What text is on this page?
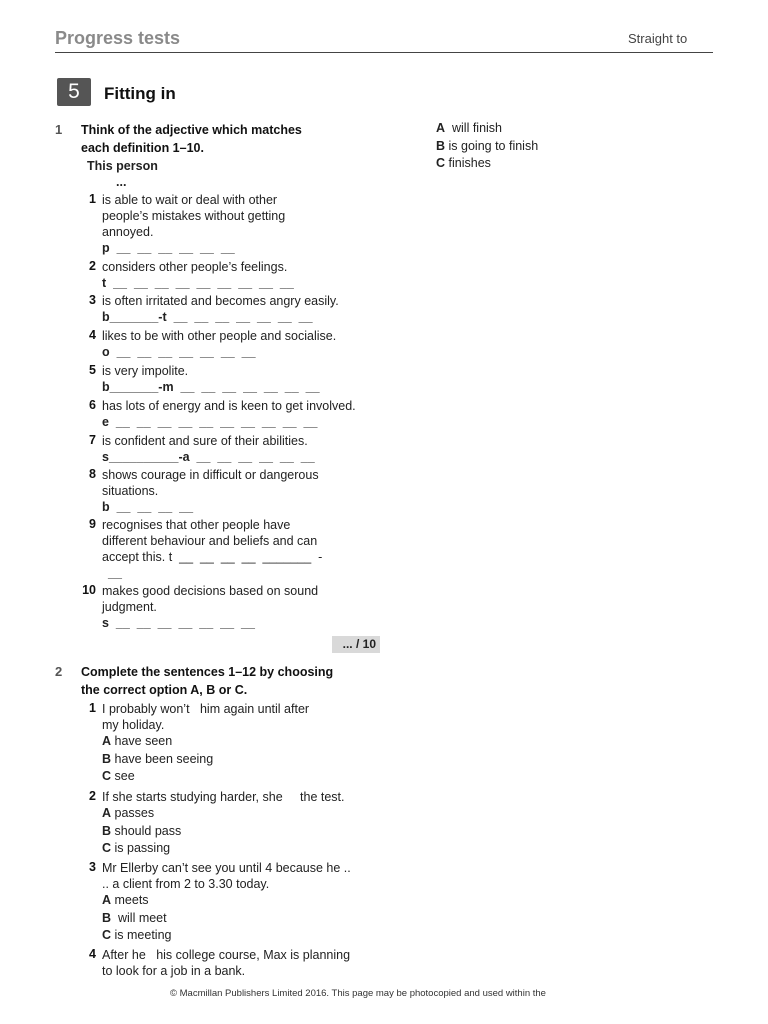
Progress tests	Straight to
5	Fitting in
1 Think of the adjective which matches
each definition 1–10.
This person
...
1 is able to wait or deal with other
people’s mistakes without getting
annoyed.
p  __  __  __  __  __  __
2 considers other people’s feelings.
t  __  __  __  __  __  __  __  __  __
3 is often irritated and becomes angry easily.
b_______-t  __  __  __  __  __  __  __
4 likes to be with other people and socialise.
o  __  __  __  __  __  __  __
5 is very impolite.
b_______-m  __  __  __  __  __  __  __
6 has lots of energy and is keen to get involved.
e  __  __  __  __  __  __  __  __  __  __
7 is confident and sure of their abilities.
s__________-a  __  __  __  __  __  __
8 shows courage in difficult or dangerous
situations.
b  __  __  __  __
9 recognises that other people have
different behaviour and beliefs and can
accept this. t  __  __  __  __  _______  -
__
10 makes good decisions based on sound
judgment.
s  __  __  __  __  __  __  __
... / 10
2 Complete the sentences 1–12 by choosing
the correct option A, B or C.
1 I probably won’t   him again until after
my holiday.
A have seen
B have been seeing
C see
2 If she starts studying harder, she     the test.
A passes
B should pass
C is passing
3 Mr Ellerby can’t see you until 4 because he ..
.. a client from 2 to 3.30 today.
A meets
B  will meet
C is meeting
4 After he   his college course, Max is planning
to look for a job in a bank.
A  will finish
B is going to finish
C finishes
© Macmillan Publishers Limited 2016. This page may be photocopied and used within the
